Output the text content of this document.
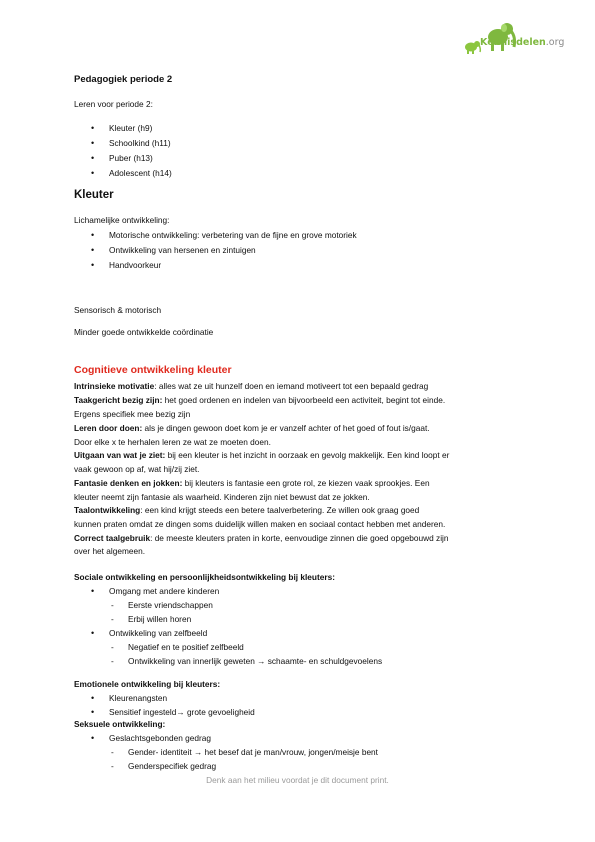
Kennisdelen.org
Pedagogiek periode 2
Leren voor periode 2:
• Kleuter (h9)
• Schoolkind (h11)
• Puber (h13)
• Adolescent (h14)
Kleuter
Lichamelijke ontwikkeling:
• Motorische ontwikkeling: verbetering van de fijne en grove motoriek
• Ontwikkeling van hersenen en zintuigen
• Handvoorkeur
Sensorisch & motorisch
Minder goede ontwikkelde coördinatie
Cognitieve ontwikkeling kleuter
Intrinsieke motivatie: alles wat ze uit hunzelf doen en iemand motiveert tot een bepaald gedrag
Taakgericht bezig zijn: het goed ordenen en indelen van bijvoorbeeld een activiteit, begint tot einde.
Ergens specifiek mee bezig zijn
Leren door doen: als je dingen gewoon doet kom je er vanzelf achter of het goed of fout is/gaat.
Door elke x te herhalen leren ze wat ze moeten doen.
Uitgaan van wat je ziet: bij een kleuter is het inzicht in oorzaak en gevolg makkelijk. Een kind loopt er
vaak gewoon op af, wat hij/zij ziet.
Fantasie denken en jokken: bij kleuters is fantasie een grote rol, ze kiezen vaak sprookjes. Een
kleuter neemt zijn fantasie als waarheid. Kinderen zijn niet bewust dat ze jokken.
Taalontwikkeling: een kind krijgt steeds een betere taalverbetering. Ze willen ook graag goed
kunnen praten omdat ze dingen soms duidelijk willen maken en sociaal contact hebben met anderen.
Correct taalgebruik: de meeste kleuters praten in korte, eenvoudige zinnen die goed opgebouwd zijn
over het algemeen.
Sociale ontwikkeling en persoonlijkheidsontwikkeling bij kleuters:
• Omgang met andere kinderen
- Eerste vriendschappen
- Erbij willen horen
• Ontwikkeling van zelfbeeld
- Negatief en te positief zelfbeeld
- Ontwikkeling van innerlijk geweten → schaamte- en schuldgevoelens
Emotionele ontwikkeling bij kleuters:
• Kleurenangsten
• Sensitief ingesteld→ grote gevoeligheid
Seksuele ontwikkeling:
• Geslachtsgebonden gedrag
- Gender- identiteit → het besef dat je man/vrouw, jongen/meisje bent
- Genderspecifiek gedrag
Denk aan het milieu voordat je dit document print.
